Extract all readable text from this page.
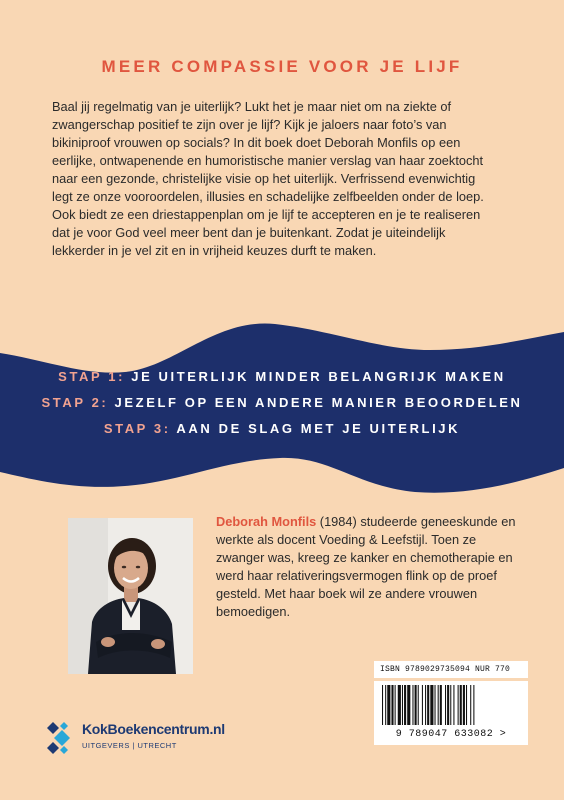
MEER COMPASSIE VOOR JE LIJF

Baal jij regelmatig van je uiterlijk? Lukt het je maar niet om na ziekte of zwangerschap positief te zijn over je lijf? Kijk je jaloers naar foto’s van bikiniproof vrouwen op socials? In dit boek doet Deborah Monfils op een eerlijke, ontwapenende en humoristische manier verslag van haar zoektocht naar een gezonde, christelijke visie op het uiterlijk. Verfrissend evenwichtig legt ze onze vooroordelen, illusies en schadelijke zelfbeelden onder de loep. Ook biedt ze een driestappenplan om je lijf te accepteren en je te realiseren dat je voor God veel meer bent dan je buitenkant. Zodat je uiteindelijk lekkerder in je vel zit en in vrijheid keuzes durft te maken.

STAP 1: JE UITERLIJK MINDER BELANGRIJK MAKEN
STAP 2: JEZELF OP EEN ANDERE MANIER BEOORDELEN
STAP 3: AAN DE SLAG MET JE UITERLIJK

Deborah Monfils (1984) studeerde geneeskunde en werkte als docent Voeding & Leefstijl. Toen ze zwanger was, kreeg ze kanker en chemotherapie en werd haar relativeringsvermogen flink op de proef gesteld. Met haar boek wil ze andere vrouwen bemoedigen.

ISBN 9789029735094 NUR 770
9 789047 633082 >
KokBoekencentrum.nl
UITGEVERS | UTRECHT
